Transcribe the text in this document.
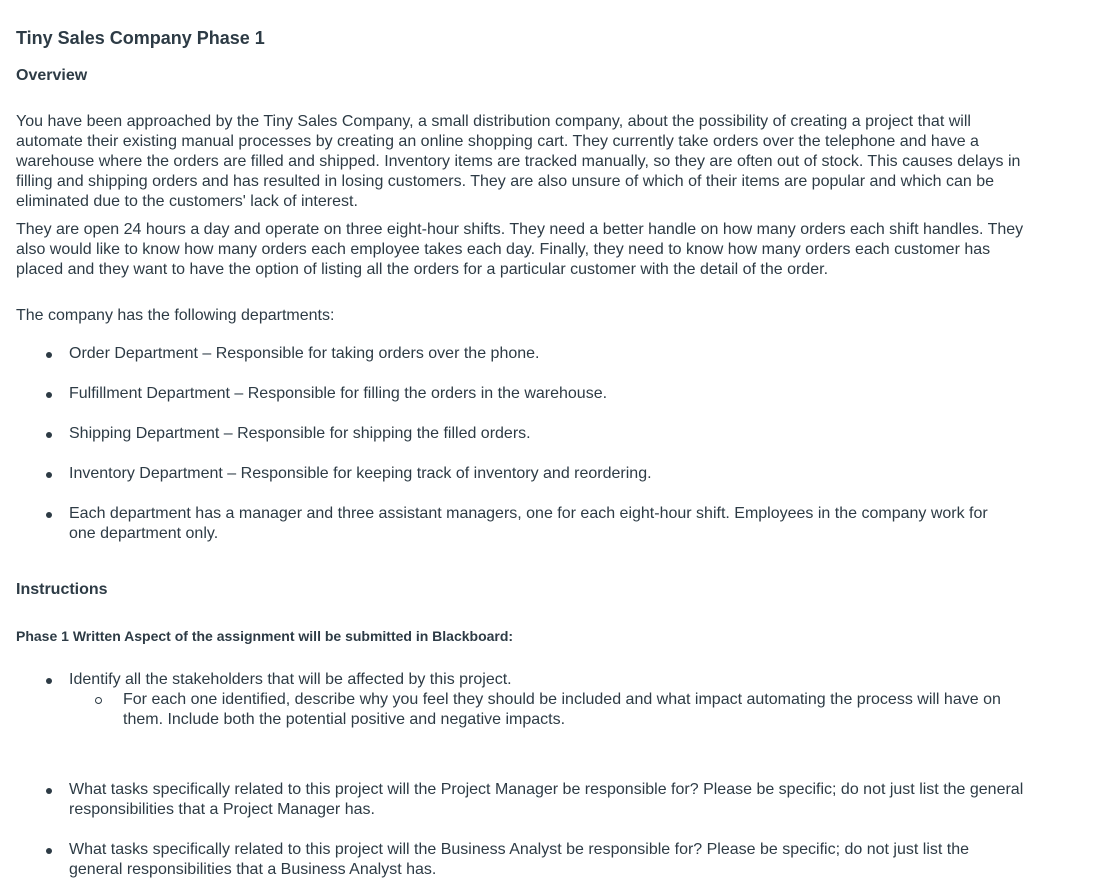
Tiny Sales Company Phase 1
Overview

You have been approached by the Tiny Sales Company, a small distribution company, about the possibility of creating a project that will automate their existing manual processes by creating an online shopping cart. They currently take orders over the telephone and have a warehouse where the orders are filled and shipped. Inventory items are tracked manually, so they are often out of stock. This causes delays in filling and shipping orders and has resulted in losing customers. They are also unsure of which of their items are popular and which can be eliminated due to the customers' lack of interest.

They are open 24 hours a day and operate on three eight-hour shifts. They need a better handle on how many orders each shift handles. They also would like to know how many orders each employee takes each day. Finally, they need to know how many orders each customer has placed and they want to have the option of listing all the orders for a particular customer with the detail of the order.

The company has the following departments:

Order Department – Responsible for taking orders over the phone.
Fulfillment Department – Responsible for filling the orders in the warehouse.
Shipping Department – Responsible for shipping the filled orders.
Inventory Department – Responsible for keeping track of inventory and reordering.
Each department has a manager and three assistant managers, one for each eight-hour shift. Employees in the company work for one department only.
Instructions
Phase 1 Written Aspect of the assignment will be submitted in Blackboard:
Identify all the stakeholders that will be affected by this project.
For each one identified, describe why you feel they should be included and what impact automating the process will have on them. Include both the potential positive and negative impacts.
What tasks specifically related to this project will the Project Manager be responsible for? Please be specific; do not just list the general responsibilities that a Project Manager has.
What tasks specifically related to this project will the Business Analyst be responsible for? Please be specific; do not just list the general responsibilities that a Business Analyst has.
